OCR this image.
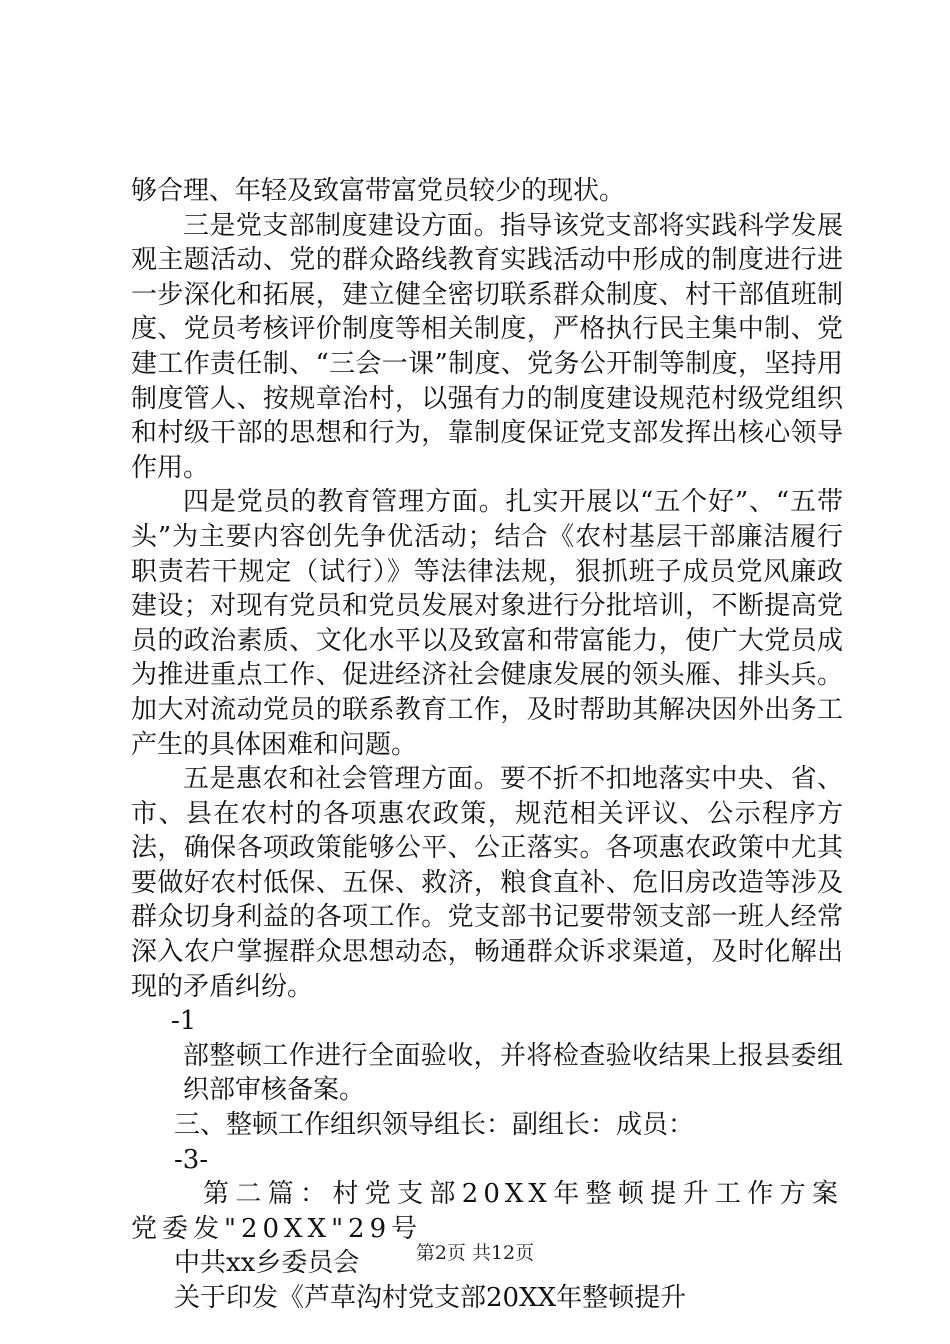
够合理、年轻及致富带富党员较少的现状。

三是党支部制度建设方面。指导该党支部将实践科学发展观主题活动、党的群众路线教育实践活动中形成的制度进行进一步深化和拓展，建立健全密切联系群众制度、村干部值班制度、党员考核评价制度等相关制度，严格执行民主集中制、党建工作责任制、“三会一课”制度、党务公开制等制度，坚持用制度管人、按规章治村，以强有力的制度建设规范村级党组织和村级干部的思想和行为，靠制度保证党支部发挥出核心领导作用。

四是党员的教育管理方面。扎实开展以“五个好”、“五带头”为主要内容创先争优活动；结合《农村基层干部廉洁履行职责若干规定（试行）》等法律法规，狠抓班子成员党风廉政建设；对现有党员和党员发展对象进行分批培训，不断提高党员的政治素质、文化水平以及致富和带富能力，使广大党员成为推进重点工作、促进经济社会健康发展的领头雁、排头兵。加大对流动党员的联系教育工作，及时帮助其解决因外出务工产生的具体困难和问题。

五是惠农和社会管理方面。要不折不扣地落实中央、省、市、县在农村的各项惠农政策，规范相关评议、公示程序方法，确保各项政策能够公平、公正落实。各项惠农政策中尤其要做好农村低保、五保、救济，粮食直补、危旧房改造等涉及群众切身利益的各项工作。党支部书记要带领支部一班人经常深入农户掌握群众思想动态，畅通群众诉求渠道，及时化解出现的矛盾纠纷。

-1

部整顿工作进行全面验收，并将检查验收结果上报县委组织部审核备案。

三、整顿工作组织领导组长：副组长：成员：

-3-

第二篇：村党支部20XX年整顿提升工作方案党委发"20XX"29号

中共xx乡委员会

关于印发《芦草沟村党支部20XX年整顿提升

第2页 共12页
